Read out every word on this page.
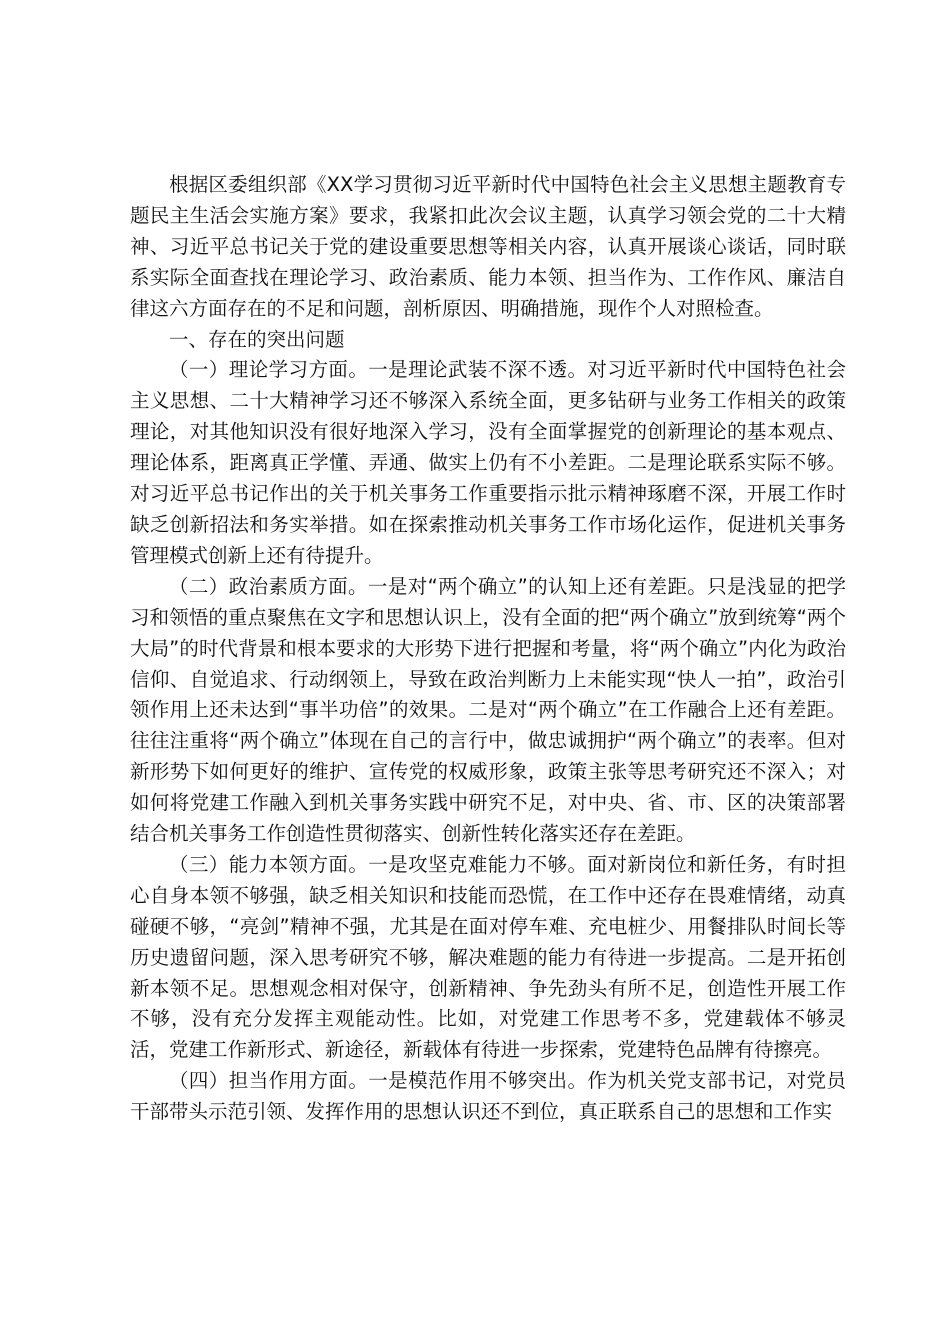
根据区委组织部《XX学习贯彻习近平新时代中国特色社会主义思想主题教育专题民主生活会实施方案》要求，我紧扣此次会议主题，认真学习领会党的二十大精神、习近平总书记关于党的建设重要思想等相关内容，认真开展谈心谈话，同时联系实际全面查找在理论学习、政治素质、能力本领、担当作为、工作作风、廉洁自律这六方面存在的不足和问题，剖析原因、明确措施，现作个人对照检查。

一、存在的突出问题

（一）理论学习方面。一是理论武装不深不透。对习近平新时代中国特色社会主义思想、二十大精神学习还不够深入系统全面，更多钻研与业务工作相关的政策理论，对其他知识没有很好地深入学习，没有全面掌握党的创新理论的基本观点、理论体系，距离真正学懂、弄通、做实上仍有不小差距。二是理论联系实际不够。对习近平总书记作出的关于机关事务工作重要指示批示精神琢磨不深，开展工作时缺乏创新招法和务实举措。如在探索推动机关事务工作市场化运作，促进机关事务管理模式创新上还有待提升。

（二）政治素质方面。一是对“两个确立”的认知上还有差距。只是浅显的把学习和领悟的重点聚焦在文字和思想认识上，没有全面的把“两个确立”放到统筹“两个大局”的时代背景和根本要求的大形势下进行把握和考量，将“两个确立”内化为政治信仰、自觉追求、行动纲领上，导致在政治判断力上未能实现“快人一拍”，政治引领作用上还未达到“事半功倍”的效果。二是对“两个确立”在工作融合上还有差距。往往注重将“两个确立”体现在自己的言行中，做忠诚拥护“两个确立”的表率。但对新形势下如何更好的维护、宣传党的权威形象，政策主张等思考研究还不深入；对如何将党建工作融入到机关事务实践中研究不足，对中央、省、市、区的决策部署结合机关事务工作创造性贯彻落实、创新性转化落实还存在差距。

（三）能力本领方面。一是攻坚克难能力不够。面对新岗位和新任务，有时担心自身本领不够强，缺乏相关知识和技能而恐慌，在工作中还存在畏难情绪，动真碰硬不够，“亮剑”精神不强，尤其是在面对停车难、充电桩少、用餐排队时间长等历史遗留问题，深入思考研究不够，解决难题的能力有待进一步提高。二是开拓创新本领不足。思想观念相对保守，创新精神、争先劲头有所不足，创造性开展工作不够，没有充分发挥主观能动性。比如，对党建工作思考不多，党建载体不够灵活，党建工作新形式、新途径，新载体有待进一步探索，党建特色品牌有待擦亮。

（四）担当作用方面。一是模范作用不够突出。作为机关党支部书记，对党员干部带头示范引领、发挥作用的思想认识还不到位，真正联系自己的思想和工作实
